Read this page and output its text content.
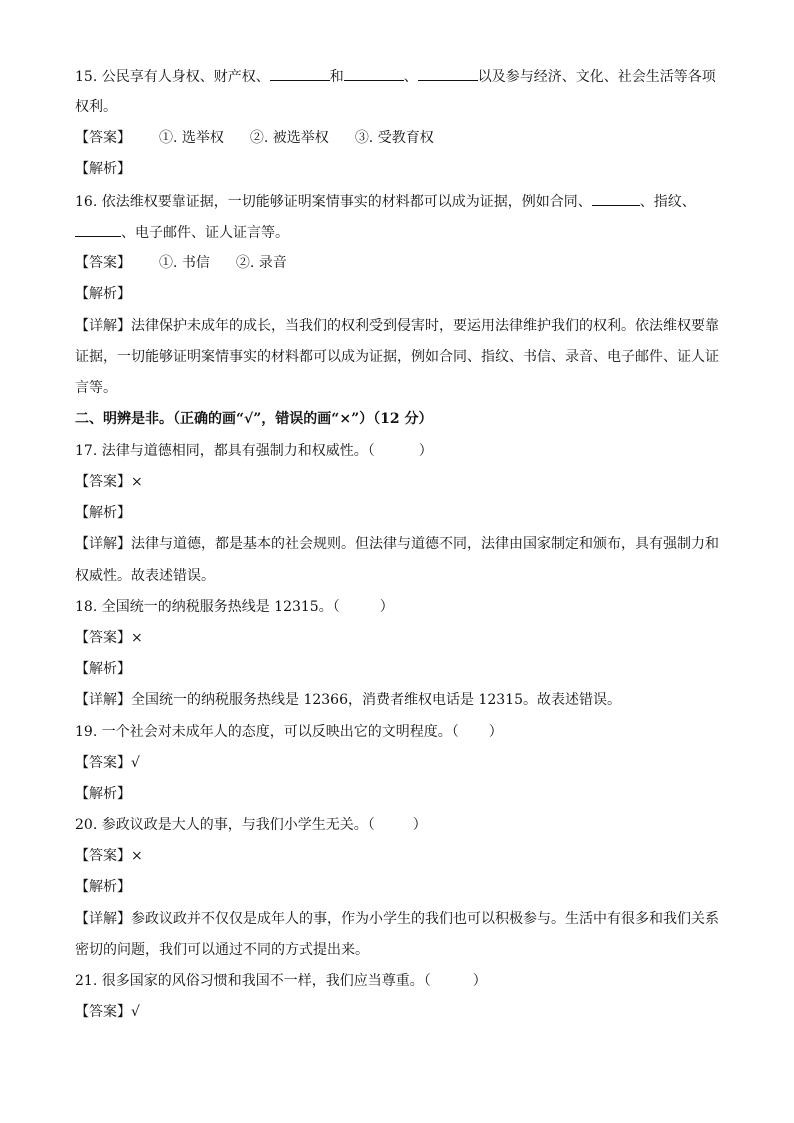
15. 公民享有人身权、财产权、	和	、	以及参与经济、文化、社会生活等各项
权利。
【答案】 ①. 选举权 ②. 被选举权 ③. 受教育权
【解析】
16. 依法维权要靠证据，一切能够证明案情事实的材料都可以成为证据，例如合同、	、指纹、
、电子邮件、证人证言等。
【答案】 ①. 书信 ②. 录音
【解析】
【详解】法律保护未成年的成长，当我们的权利受到侵害时，要运用法律维护我们的权利。依法维权要靠
证据，一切能够证明案情事实的材料都可以成为证据，例如合同、指纹、书信、录音、电子邮件、证人证
言等。
二、明辨是非。（正确的画“√”，错误的画“×”）（12 分）
17. 法律与道德相同，都具有强制力和权威性。（	）
【答案】×
【解析】
【详解】法律与道德，都是基本的社会规则。但法律与道德不同，法律由国家制定和颁布，具有强制力和
权威性。故表述错误。
18. 全国统一的纳税服务热线是 12315。（	）
【答案】×
【解析】
【详解】全国统一的纳税服务热线是 12366，消费者维权电话是 12315。故表述错误。
19. 一个社会对未成年人的态度，可以反映出它的文明程度。（ ）
【答案】√
【解析】
20. 参政议政是大人的事，与我们小学生无关。（	）
【答案】×
【解析】
【详解】参政议政并不仅仅是成年人的事，作为小学生的我们也可以积极参与。生活中有很多和我们关系
密切的问题，我们可以通过不同的方式提出来。
21. 很多国家的风俗习惯和我国不一样，我们应当尊重。（	）
【答案】√
